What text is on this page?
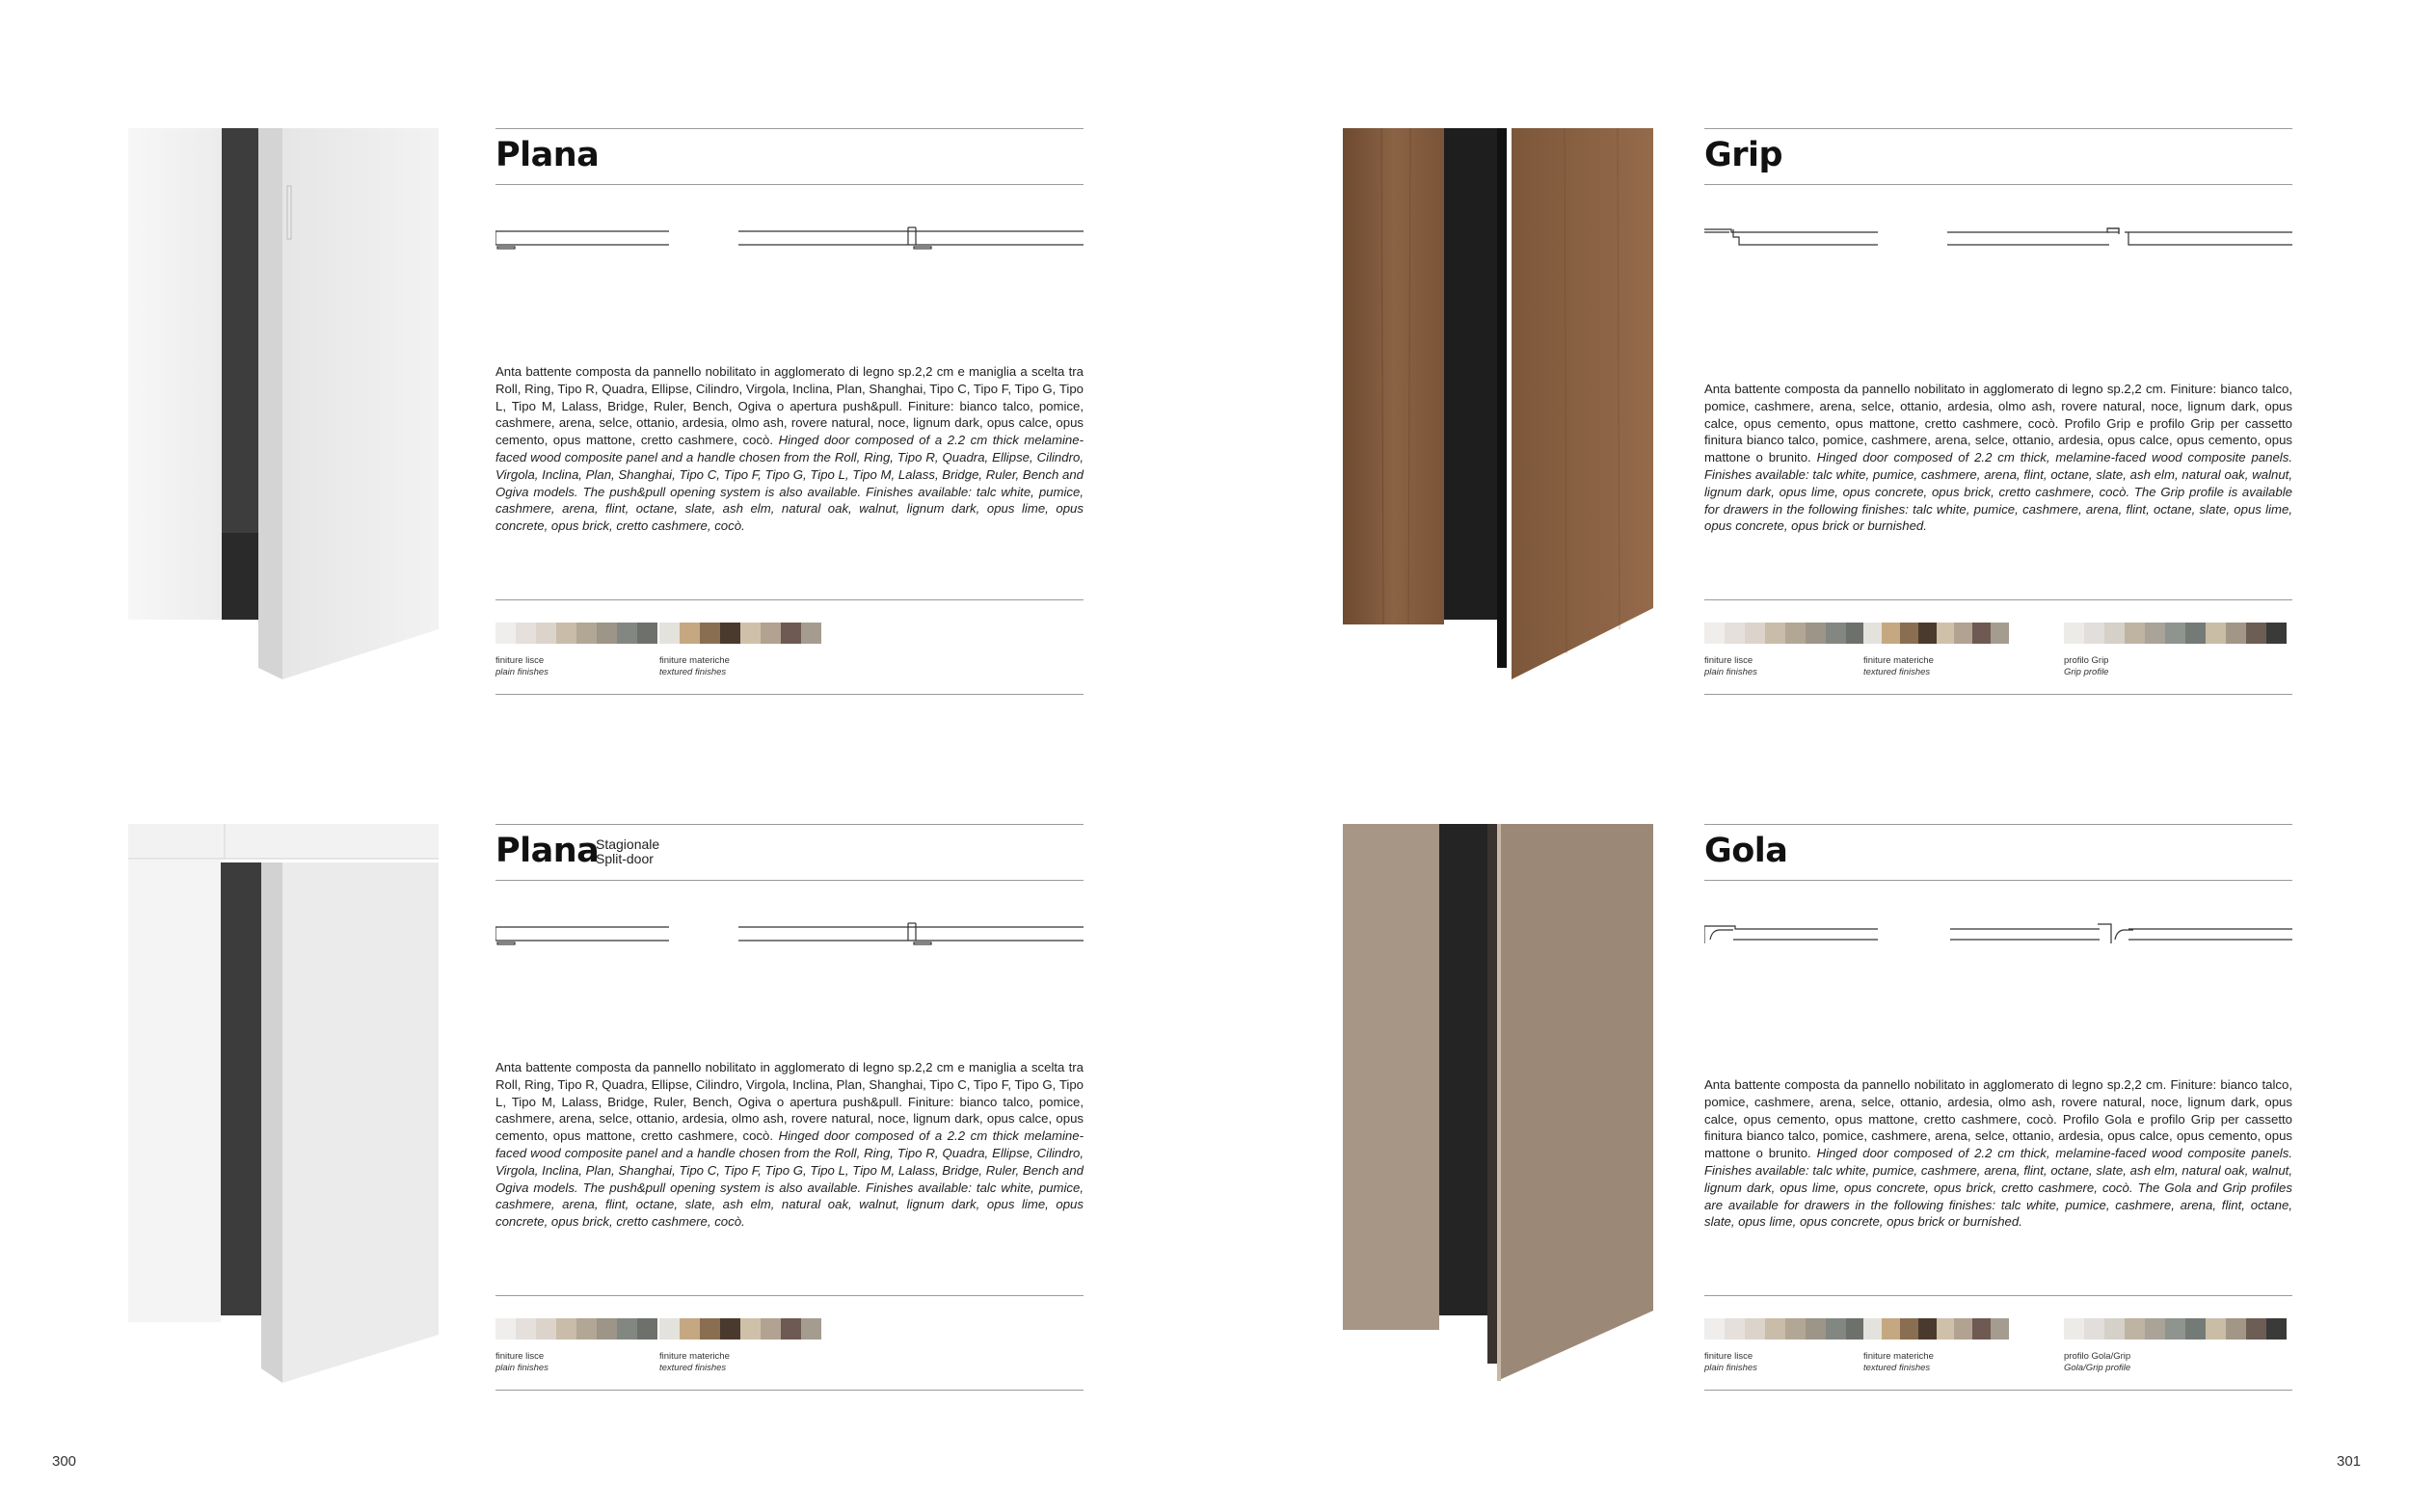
Plana
Anta battente composta da pannello nobilitato in agglomerato di legno sp.2,2 cm e maniglia a scelta tra Roll, Ring, Tipo R, Quadra, Ellipse, Cilindro, Virgola, Inclina, Plan, Shanghai, Tipo C, Tipo F, Tipo G, Tipo L, Tipo M, Lalass, Bridge, Ruler, Bench, Ogiva o apertura push&pull. Finiture: bianco talco, pomice, cashmere, arena, selce, ottanio, ardesia, olmo ash, rovere natural, noce, lignum dark, opus calce, opus cemento, opus mattone, cretto cashmere, cocò. Hinged door composed of a 2.2 cm thick melamine-faced wood composite panel and a handle chosen from the Roll, Ring, Tipo R, Quadra, Ellipse, Cilindro, Virgola, Inclina, Plan, Shanghai, Tipo C, Tipo F, Tipo G, Tipo L, Tipo M, Lalass, Bridge, Ruler, Bench and Ogiva models. The push&pull opening system is also available. Finishes available: talc white, pumice, cashmere, arena, flint, octane, slate, ash elm, natural oak, walnut, lignum dark, opus lime, opus concrete, opus brick, cretto cashmere, cocò.
finiture lisce
plain finishes
finiture materiche
textured finishes
Grip
Anta battente composta da pannello nobilitato in agglomerato di legno sp.2,2 cm. Finiture: bianco talco, pomice, cashmere, arena, selce, ottanio, ardesia, olmo ash, rovere natural, noce, lignum dark, opus calce, opus cemento, opus mattone, cretto cashmere, cocò. Profilo Grip e profilo Grip per cassetto finitura bianco talco, pomice, cashmere, arena, selce, ottanio, ardesia, opus calce, opus cemento, opus mattone o brunito. Hinged door composed of 2.2 cm thick, melamine-faced wood composite panels. Finishes available: talc white, pumice, cashmere, arena, flint, octane, slate, ash elm, natural oak, walnut, lignum dark, opus lime, opus concrete, opus brick, cretto cashmere, cocò. The Grip profile is available for drawers in the following finishes: talc white, pumice, cashmere, arena, flint, octane, slate, opus lime, opus concrete, opus brick or burnished.
finiture lisce
plain finishes
finiture materiche
textured finishes
profilo Grip
Grip profile
Plana
Stagionale
Split-door
Anta battente composta da pannello nobilitato in agglomerato di legno sp.2,2 cm e maniglia a scelta tra Roll, Ring, Tipo R, Quadra, Ellipse, Cilindro, Virgola, Inclina, Plan, Shanghai, Tipo C, Tipo F, Tipo G, Tipo L, Tipo M, Lalass, Bridge, Ruler, Bench, Ogiva o apertura push&pull. Finiture: bianco talco, pomice, cashmere, arena, selce, ottanio, ardesia, olmo ash, rovere natural, noce, lignum dark, opus calce, opus cemento, opus mattone, cretto cashmere, cocò. Hinged door composed of a 2.2 cm thick melamine-faced wood composite panel and a handle chosen from the Roll, Ring, Tipo R, Quadra, Ellipse, Cilindro, Virgola, Inclina, Plan, Shanghai, Tipo C, Tipo F, Tipo G, Tipo L, Tipo M, Lalass, Bridge, Ruler, Bench and Ogiva models. The push&pull opening system is also available. Finishes available: talc white, pumice, cashmere, arena, flint, octane, slate, ash elm, natural oak, walnut, lignum dark, opus lime, opus concrete, opus brick, cretto cashmere, cocò.
finiture lisce
plain finishes
finiture materiche
textured finishes
Gola
Anta battente composta da pannello nobilitato in agglomerato di legno sp.2,2 cm. Finiture: bianco talco, pomice, cashmere, arena, selce, ottanio, ardesia, olmo ash, rovere natural, noce, lignum dark, opus calce, opus cemento, opus mattone, cretto cashmere, cocò. Profilo Gola e profilo Grip per cassetto finitura bianco talco, pomice, cashmere, arena, selce, ottanio, ardesia, opus calce, opus cemento, opus mattone o brunito. Hinged door composed of 2.2 cm thick, melamine-faced wood composite panels. Finishes available: talc white, pumice, cashmere, arena, flint, octane, slate, ash elm, natural oak, walnut, lignum dark, opus lime, opus concrete, opus brick, cretto cashmere, cocò. The Gola and Grip profiles are available for drawers in the following finishes: talc white, pumice, cashmere, arena, flint, octane, slate, opus lime, opus concrete, opus brick or burnished.
finiture lisce
plain finishes
finiture materiche
textured finishes
profilo Gola/Grip
Gola/Grip profile
300	301
